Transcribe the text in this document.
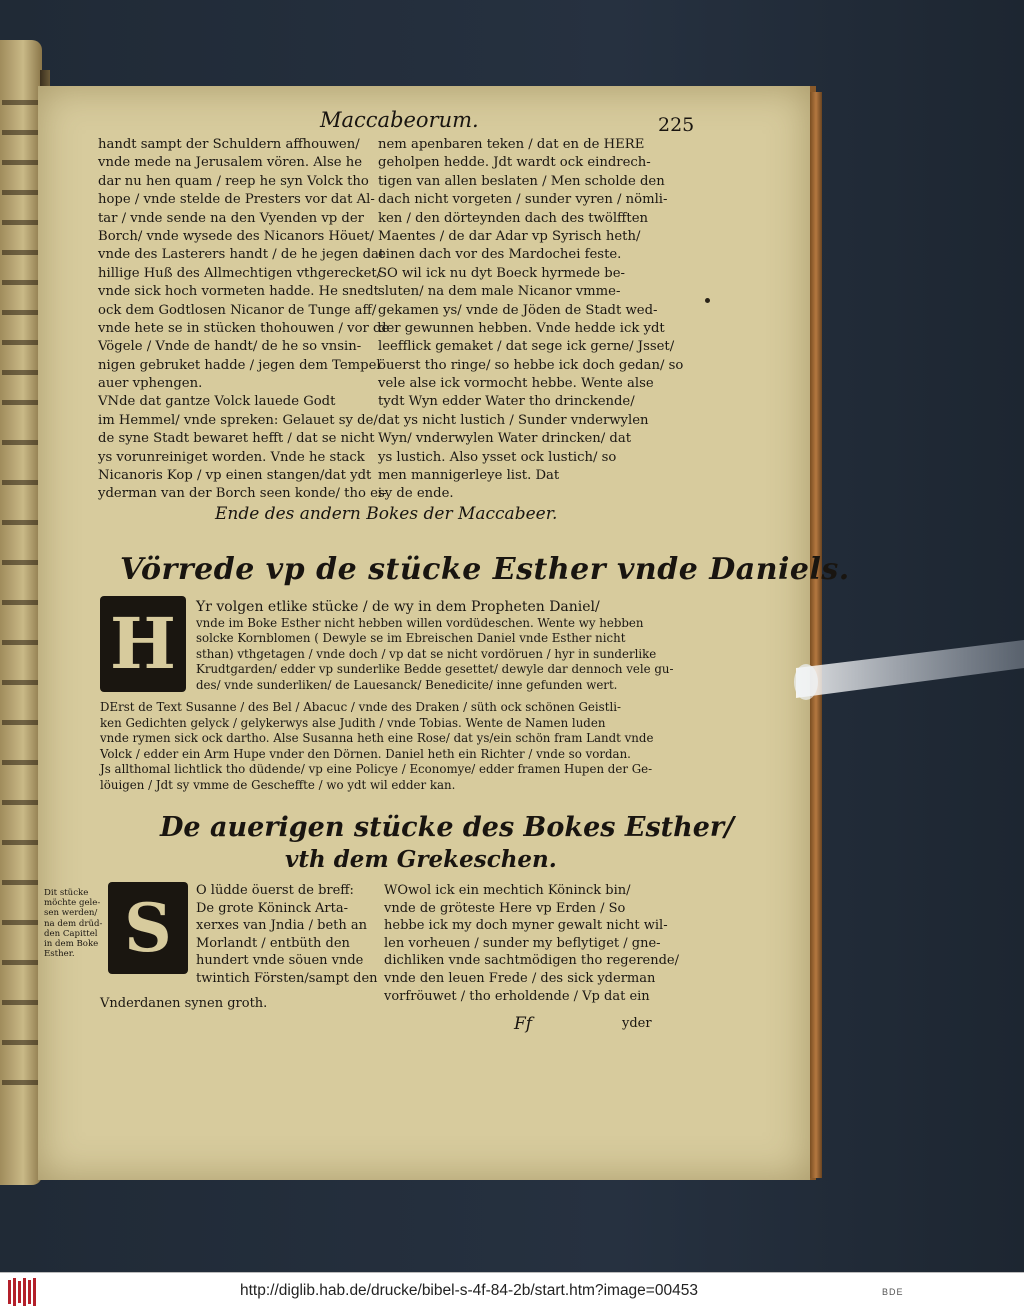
Maccabeorum.	225
handt sampt der Schuldern affhouwen/
vnde mede na Jerusalem vören. Alse he
dar nu hen quam / reep he syn Volck tho
hope / vnde stelde de Presters vor dat Al-
tar / vnde sende na den Vyenden vp der
Borch/ vnde wysede des Nicanors Höuet/
vnde des Lasterers handt / de he jegen dat
hillige Huß des Allmechtigen vthgerecket/
vnde sick hoch vormeten hadde. He snedt
ock dem Godtlosen Nicanor de Tunge aff/
vnde hete se in stücken thohouwen / vor de
Vögele / Vnde de handt/ de he so vnsin-
nigen gebruket hadde / jegen dem Tempel
auer vphengen.
VNde dat gantze Volck lauede Godt
im Hemmel/ vnde spreken: Gelauet sy de/
de syne Stadt bewaret hefft / dat se nicht
ys vorunreiniget worden. Vnde he stack
Nicanoris Kop / vp einen stangen/dat ydt
yderman van der Borch seen konde/ tho ei-
nem apenbaren teken / dat en de HERE
geholpen hedde. Jdt wardt ock eindrech-
tigen van allen beslaten / Men scholde den
dach nicht vorgeten / sunder vyren / nömli-
ken / den dörteynden dach des twölfften
Maentes / de dar Adar vp Syrisch heth/
einen dach vor des Mardochei feste.
SO wil ick nu dyt Boeck hyrmede be-
sluten/ na dem male Nicanor vmme-
gekamen ys/ vnde de Jöden de Stadt wed-
der gewunnen hebben. Vnde hedde ick ydt
leefflick gemaket / dat sege ick gerne/ Jsset/
öuerst tho ringe/ so hebbe ick doch gedan/ so
vele alse ick vormocht hebbe. Wente alse
tydt Wyn edder Water tho drinckende/
dat ys nicht lustich / Sunder vnderwylen
Wyn/ vnderwylen Water drincken/ dat
ys lustich. Also ysset ock lustich/ so
men mannigerleye list. Dat
sy de ende.
Ende des andern Bokes der Maccabeer.
Vörrede vp de stücke Esther vnde Daniels.
H	Yr volgen etlike stücke / de wy in dem Propheten Daniel/
vnde im Boke Esther nicht hebben willen vordüdeschen. Wente wy hebben
solcke Kornblomen ( Dewyle se im Ebreischen Daniel vnde Esther nicht
sthan) vthgetagen / vnde doch / vp dat se nicht vordöruen / hyr in sunderlike
Krudtgarden/ edder vp sunderlike Bedde gesettet/ dewyle dar dennoch vele gu-
des/ vnde sunderliken/ de Lauesanck/ Benedicite/ inne gefunden wert.
DErst de Text Susanne / des Bel / Abacuc / vnde des Draken / süth ock schönen Geistli-
ken Gedichten gelyck / gelykerwys alse Judith / vnde Tobias. Wente de Namen luden
vnde rymen sick ock dartho. Alse Susanna heth eine Rose/ dat ys/ein schön fram Landt vnde
Volck / edder ein Arm Hupe vnder den Dörnen. Daniel heth ein Richter / vnde so vordan.
Js allthomal lichtlick tho düdende/ vp eine Policye / Economye/ edder framen Hupen der Ge-
löuigen / Jdt sy vmme de Gescheffte / wo ydt wil edder kan.
De auerigen stücke des Bokes Esther/
vth dem Grekeschen.
Dit stücke
möchte gele-
sen werden/
na dem drüd-
den Capittel
in dem Boke
Esther. S	O lüdde öuerst de breff:
De grote Köninck Arta-
xerxes van Jndia / beth an
Morlandt / entbüth den
hundert vnde söuen vnde
twintich Försten/sampt den
Vnderdanen synen groth.
WOwol ick ein mechtich Köninck bin/
vnde de gröteste Here vp Erden / So
hebbe ick my doch myner gewalt nicht wil-
len vorheuen / sunder my beflytiget / gne-
dichliken vnde sachtmödigen tho regerende/
vnde den leuen Frede / des sick yderman
vorfröuwet / tho erholdende / Vp dat ein
Ff	yder
http://diglib.hab.de/drucke/bibel-s-4f-84-2b/start.htm?image=00453	BDE
